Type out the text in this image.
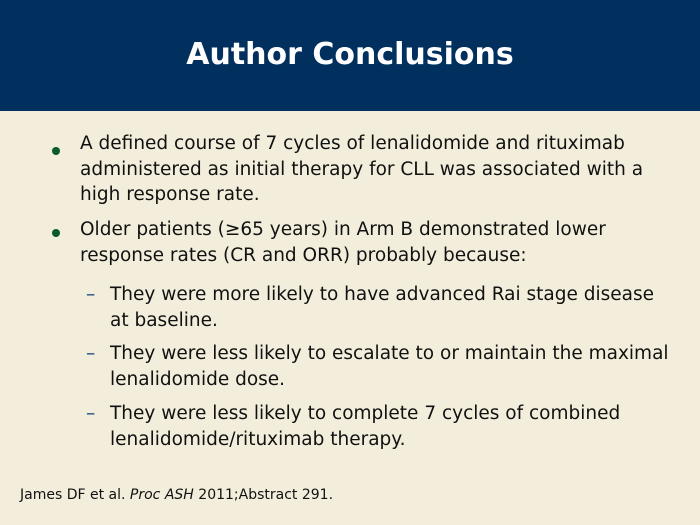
Author Conclusions
A defined course of 7 cycles of lenalidomide and rituximab administered as initial therapy for CLL was associated with a high response rate.
Older patients (≥65 years) in Arm B demonstrated lower response rates (CR and ORR) probably because:
– They were more likely to have advanced Rai stage disease at baseline.
– They were less likely to escalate to or maintain the maximal lenalidomide dose.
– They were less likely to complete 7 cycles of combined lenalidomide/rituximab therapy.
James DF et al. Proc ASH 2011;Abstract 291.
